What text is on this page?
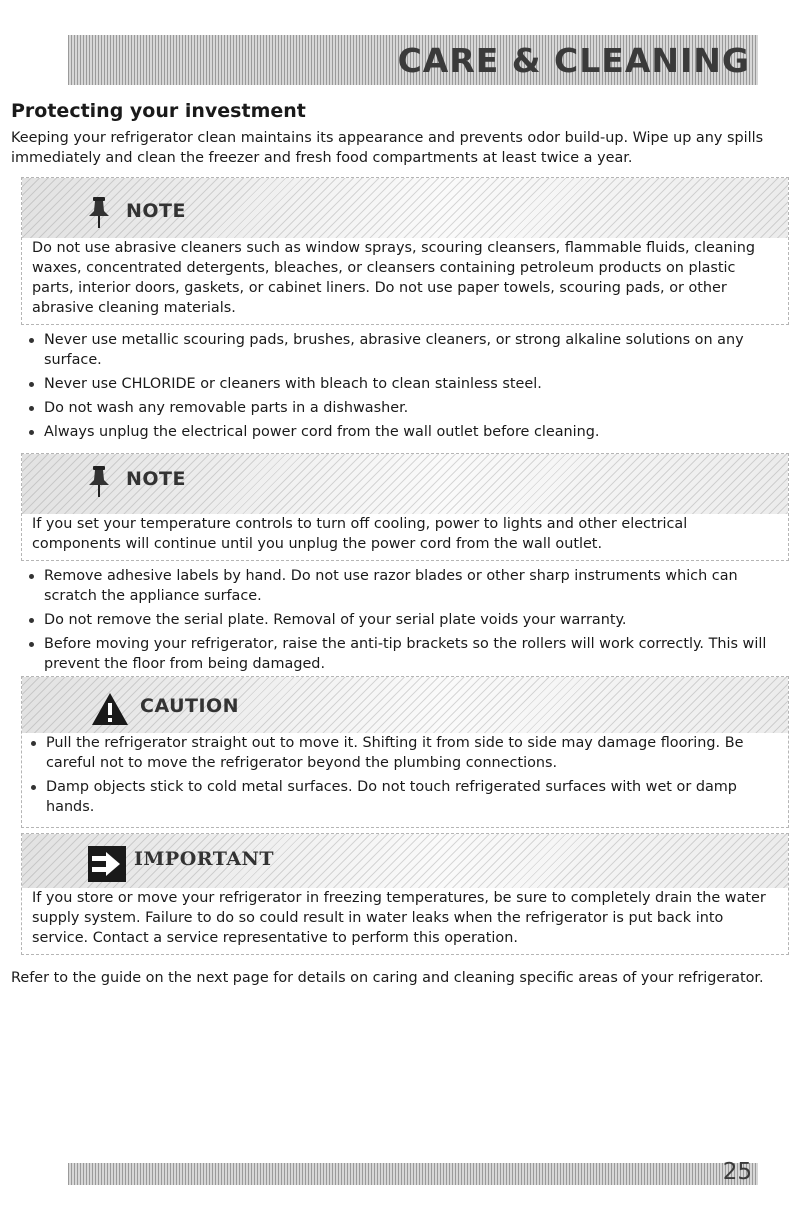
CARE & CLEANING
Protecting your investment

Keeping your refrigerator clean maintains its appearance and prevents odor build-up. Wipe up any spills immediately and clean the freezer and fresh food compartments at least twice a year.

NOTE

Do not use abrasive cleaners such as window sprays, scouring cleansers, flammable fluids, cleaning waxes, concentrated detergents, bleaches, or cleansers containing petroleum products on plastic parts, interior doors, gaskets, or cabinet liners. Do not use paper towels, scouring pads, or other abrasive cleaning materials.

Never use metallic scouring pads, brushes, abrasive cleaners, or strong alkaline solutions on any surface.
Never use CHLORIDE or cleaners with bleach to clean stainless steel.
Do not wash any removable parts in a dishwasher.
Always unplug the electrical power cord from the wall outlet before cleaning.
NOTE

If you set your temperature controls to turn off cooling, power to lights and other electrical components will continue until you unplug the power cord from the wall outlet.

Remove adhesive labels by hand. Do not use razor blades or other sharp instruments which can scratch the appliance surface.
Do not remove the serial plate. Removal of your serial plate voids your warranty.
Before moving your refrigerator, raise the anti-tip brackets so the rollers will work correctly. This will prevent the floor from being damaged.
CAUTION
Pull the refrigerator straight out to move it. Shifting it from side to side may damage flooring. Be careful not to move the refrigerator beyond the plumbing connections.
Damp objects stick to cold metal surfaces. Do not touch refrigerated surfaces with wet or damp hands.
IMPORTANT

If you store or move your refrigerator in freezing temperatures, be sure to completely drain the water supply system. Failure to do so could result in water leaks when the refrigerator is put back into service. Contact a service representative to perform this operation.

Refer to the guide on the next page for details on caring and cleaning specific areas of your refrigerator.

25
